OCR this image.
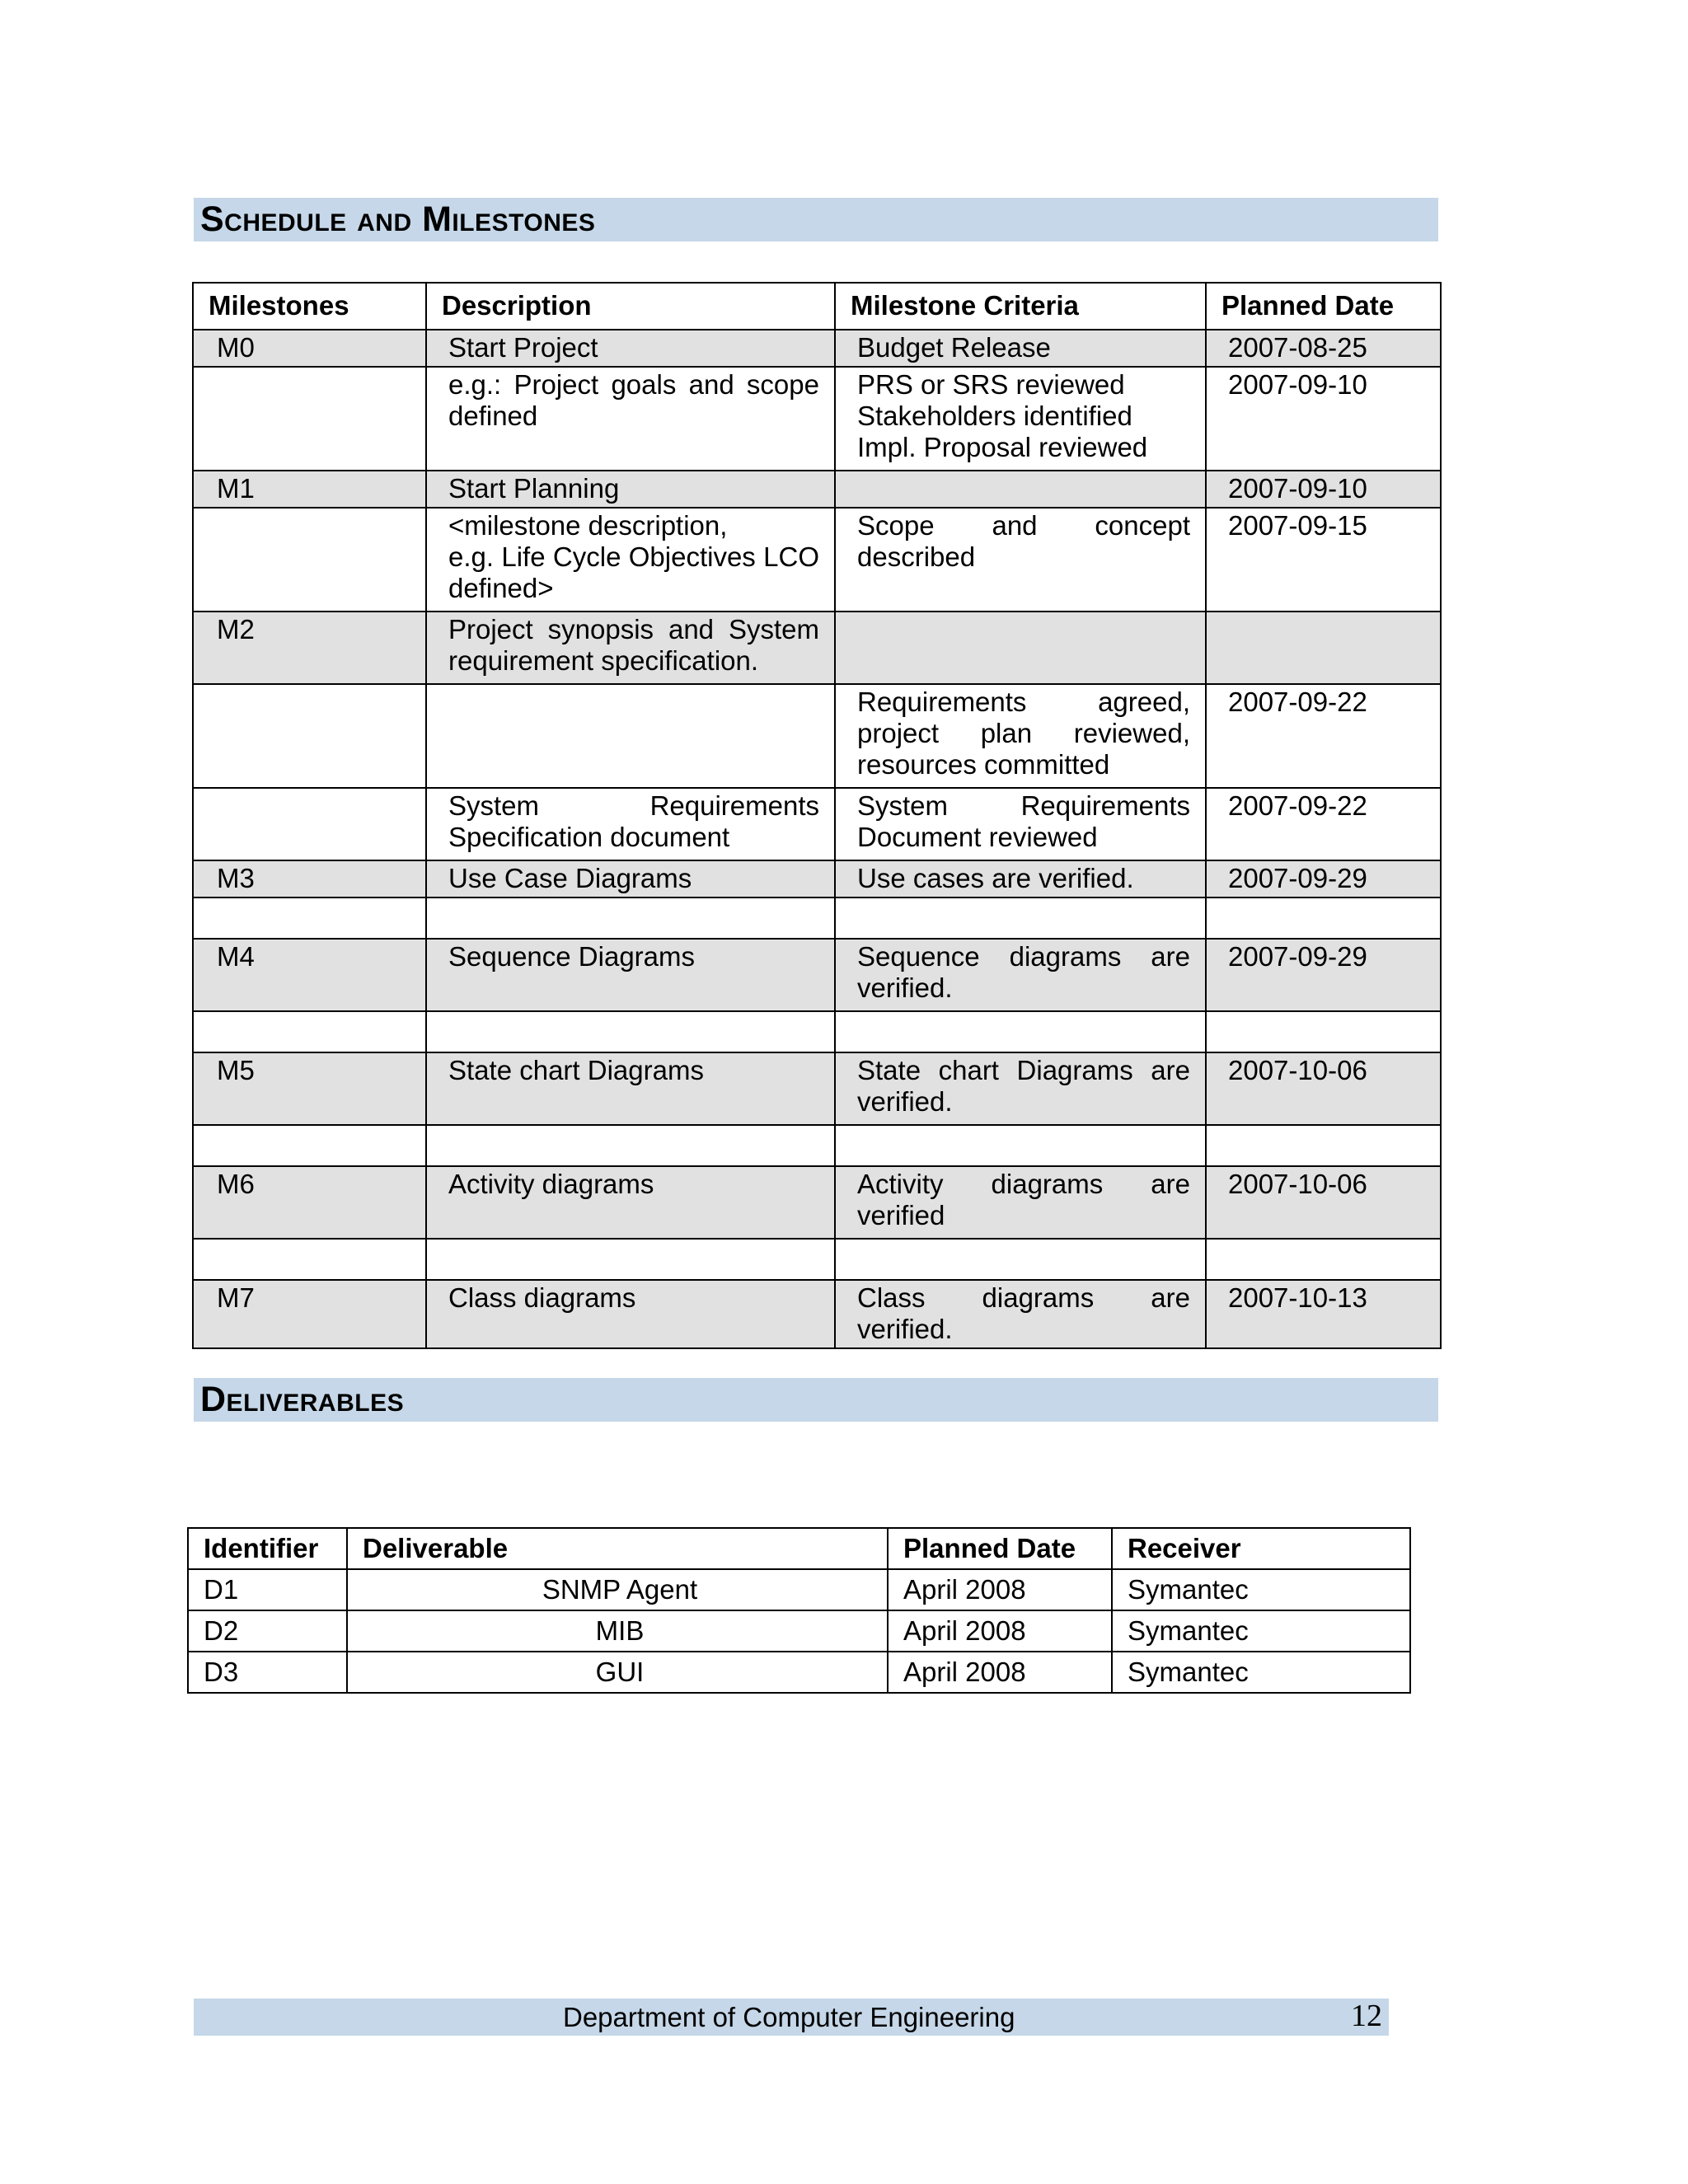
Schedule and Milestones
Milestones	Description	Milestone Criteria	Planned Date
M0	Start Project	Budget Release	2007-08-25
	e.g.: Project goals and scope defined	PRS or SRS reviewed
Stakeholders identified
Impl. Proposal reviewed	2007-09-10
M1	Start Planning		2007-09-10
	<milestone description,
e.g. Life Cycle Objectives LCO defined>	Scope and concept described	2007-09-15
M2	Project synopsis and System requirement specification.		
		Requirements agreed, project plan reviewed, resources committed	2007-09-22
	System Requirements Specification document	System Requirements Document reviewed	2007-09-22
M3	Use Case Diagrams	Use cases are verified.	2007-09-29

M4	Sequence Diagrams	Sequence diagrams are verified.	2007-09-29

M5	State chart Diagrams	State chart Diagrams are verified.	2007-10-06

M6	Activity diagrams	Activity diagrams are verified	2007-10-06

M7	Class diagrams	Class diagrams are verified.	2007-10-13
Deliverables
Identifier	Deliverable	Planned Date	Receiver
D1	SNMP Agent	April 2008	Symantec
D2	MIB	April 2008	Symantec
D3	GUI	April 2008	Symantec
Department of Computer Engineering	12
